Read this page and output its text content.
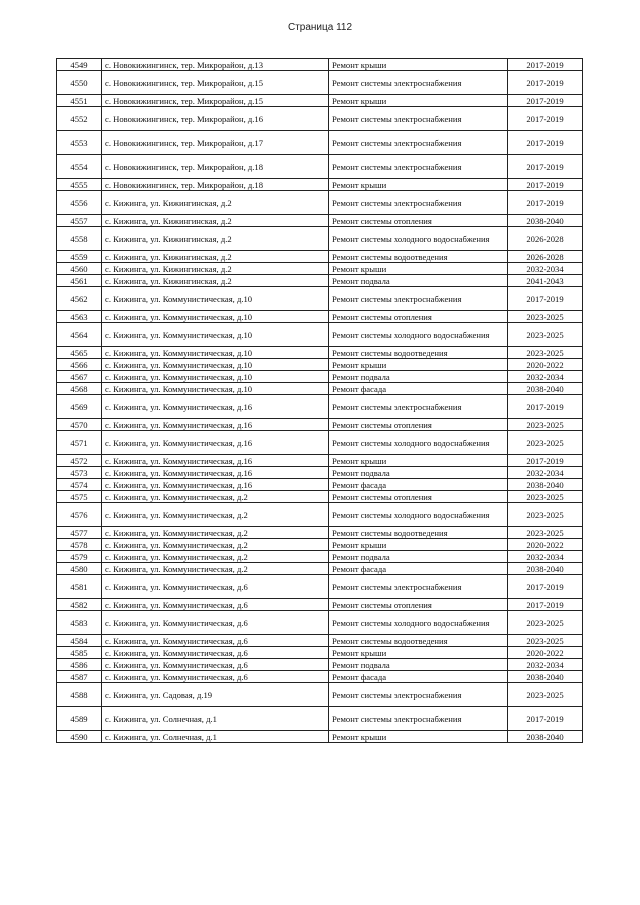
Страница 112
4549	с. Новокижингинск, тер. Микрорайон, д.13	Ремонт крыши	2017-2019
4550	с. Новокижингинск, тер. Микрорайон, д.15	Ремонт системы электроснабжения	2017-2019
4551	с. Новокижингинск, тер. Микрорайон, д.15	Ремонт крыши	2017-2019
4552	с. Новокижингинск, тер. Микрорайон, д.16	Ремонт системы электроснабжения	2017-2019
4553	с. Новокижингинск, тер. Микрорайон, д.17	Ремонт системы электроснабжения	2017-2019
4554	с. Новокижингинск, тер. Микрорайон, д.18	Ремонт системы электроснабжения	2017-2019
4555	с. Новокижингинск, тер. Микрорайон, д.18	Ремонт крыши	2017-2019
4556	с. Кижинга, ул. Кижингинская, д.2	Ремонт системы электроснабжения	2017-2019
4557	с. Кижинга, ул. Кижингинская, д.2	Ремонт системы отопления	2038-2040
4558	с. Кижинга, ул. Кижингинская, д.2	Ремонт системы холодного водоснабжения	2026-2028
4559	с. Кижинга, ул. Кижингинская, д.2	Ремонт системы водоотведения	2026-2028
4560	с. Кижинга, ул. Кижингинская, д.2	Ремонт крыши	2032-2034
4561	с. Кижинга, ул. Кижингинская, д.2	Ремонт подвала	2041-2043
4562	с. Кижинга, ул. Коммунистическая, д.10	Ремонт системы электроснабжения	2017-2019
4563	с. Кижинга, ул. Коммунистическая, д.10	Ремонт системы отопления	2023-2025
4564	с. Кижинга, ул. Коммунистическая, д.10	Ремонт системы холодного водоснабжения	2023-2025
4565	с. Кижинга, ул. Коммунистическая, д.10	Ремонт системы водоотведения	2023-2025
4566	с. Кижинга, ул. Коммунистическая, д.10	Ремонт крыши	2020-2022
4567	с. Кижинга, ул. Коммунистическая, д.10	Ремонт подвала	2032-2034
4568	с. Кижинга, ул. Коммунистическая, д.10	Ремонт фасада	2038-2040
4569	с. Кижинга, ул. Коммунистическая, д.16	Ремонт системы электроснабжения	2017-2019
4570	с. Кижинга, ул. Коммунистическая, д.16	Ремонт системы отопления	2023-2025
4571	с. Кижинга, ул. Коммунистическая, д.16	Ремонт системы холодного водоснабжения	2023-2025
4572	с. Кижинга, ул. Коммунистическая, д.16	Ремонт крыши	2017-2019
4573	с. Кижинга, ул. Коммунистическая, д.16	Ремонт подвала	2032-2034
4574	с. Кижинга, ул. Коммунистическая, д.16	Ремонт фасада	2038-2040
4575	с. Кижинга, ул. Коммунистическая, д.2	Ремонт системы отопления	2023-2025
4576	с. Кижинга, ул. Коммунистическая, д.2	Ремонт системы холодного водоснабжения	2023-2025
4577	с. Кижинга, ул. Коммунистическая, д.2	Ремонт системы водоотведения	2023-2025
4578	с. Кижинга, ул. Коммунистическая, д.2	Ремонт крыши	2020-2022
4579	с. Кижинга, ул. Коммунистическая, д.2	Ремонт подвала	2032-2034
4580	с. Кижинга, ул. Коммунистическая, д.2	Ремонт фасада	2038-2040
4581	с. Кижинга, ул. Коммунистическая, д.6	Ремонт системы электроснабжения	2017-2019
4582	с. Кижинга, ул. Коммунистическая, д.6	Ремонт системы отопления	2017-2019
4583	с. Кижинга, ул. Коммунистическая, д.6	Ремонт системы холодного водоснабжения	2023-2025
4584	с. Кижинга, ул. Коммунистическая, д.6	Ремонт системы водоотведения	2023-2025
4585	с. Кижинга, ул. Коммунистическая, д.6	Ремонт крыши	2020-2022
4586	с. Кижинга, ул. Коммунистическая, д.6	Ремонт подвала	2032-2034
4587	с. Кижинга, ул. Коммунистическая, д.6	Ремонт фасада	2038-2040
4588	с. Кижинга, ул. Садовая, д.19	Ремонт системы электроснабжения	2023-2025
4589	с. Кижинга, ул. Солнечная, д.1	Ремонт системы электроснабжения	2017-2019
4590	с. Кижинга, ул. Солнечная, д.1	Ремонт крыши	2038-2040
